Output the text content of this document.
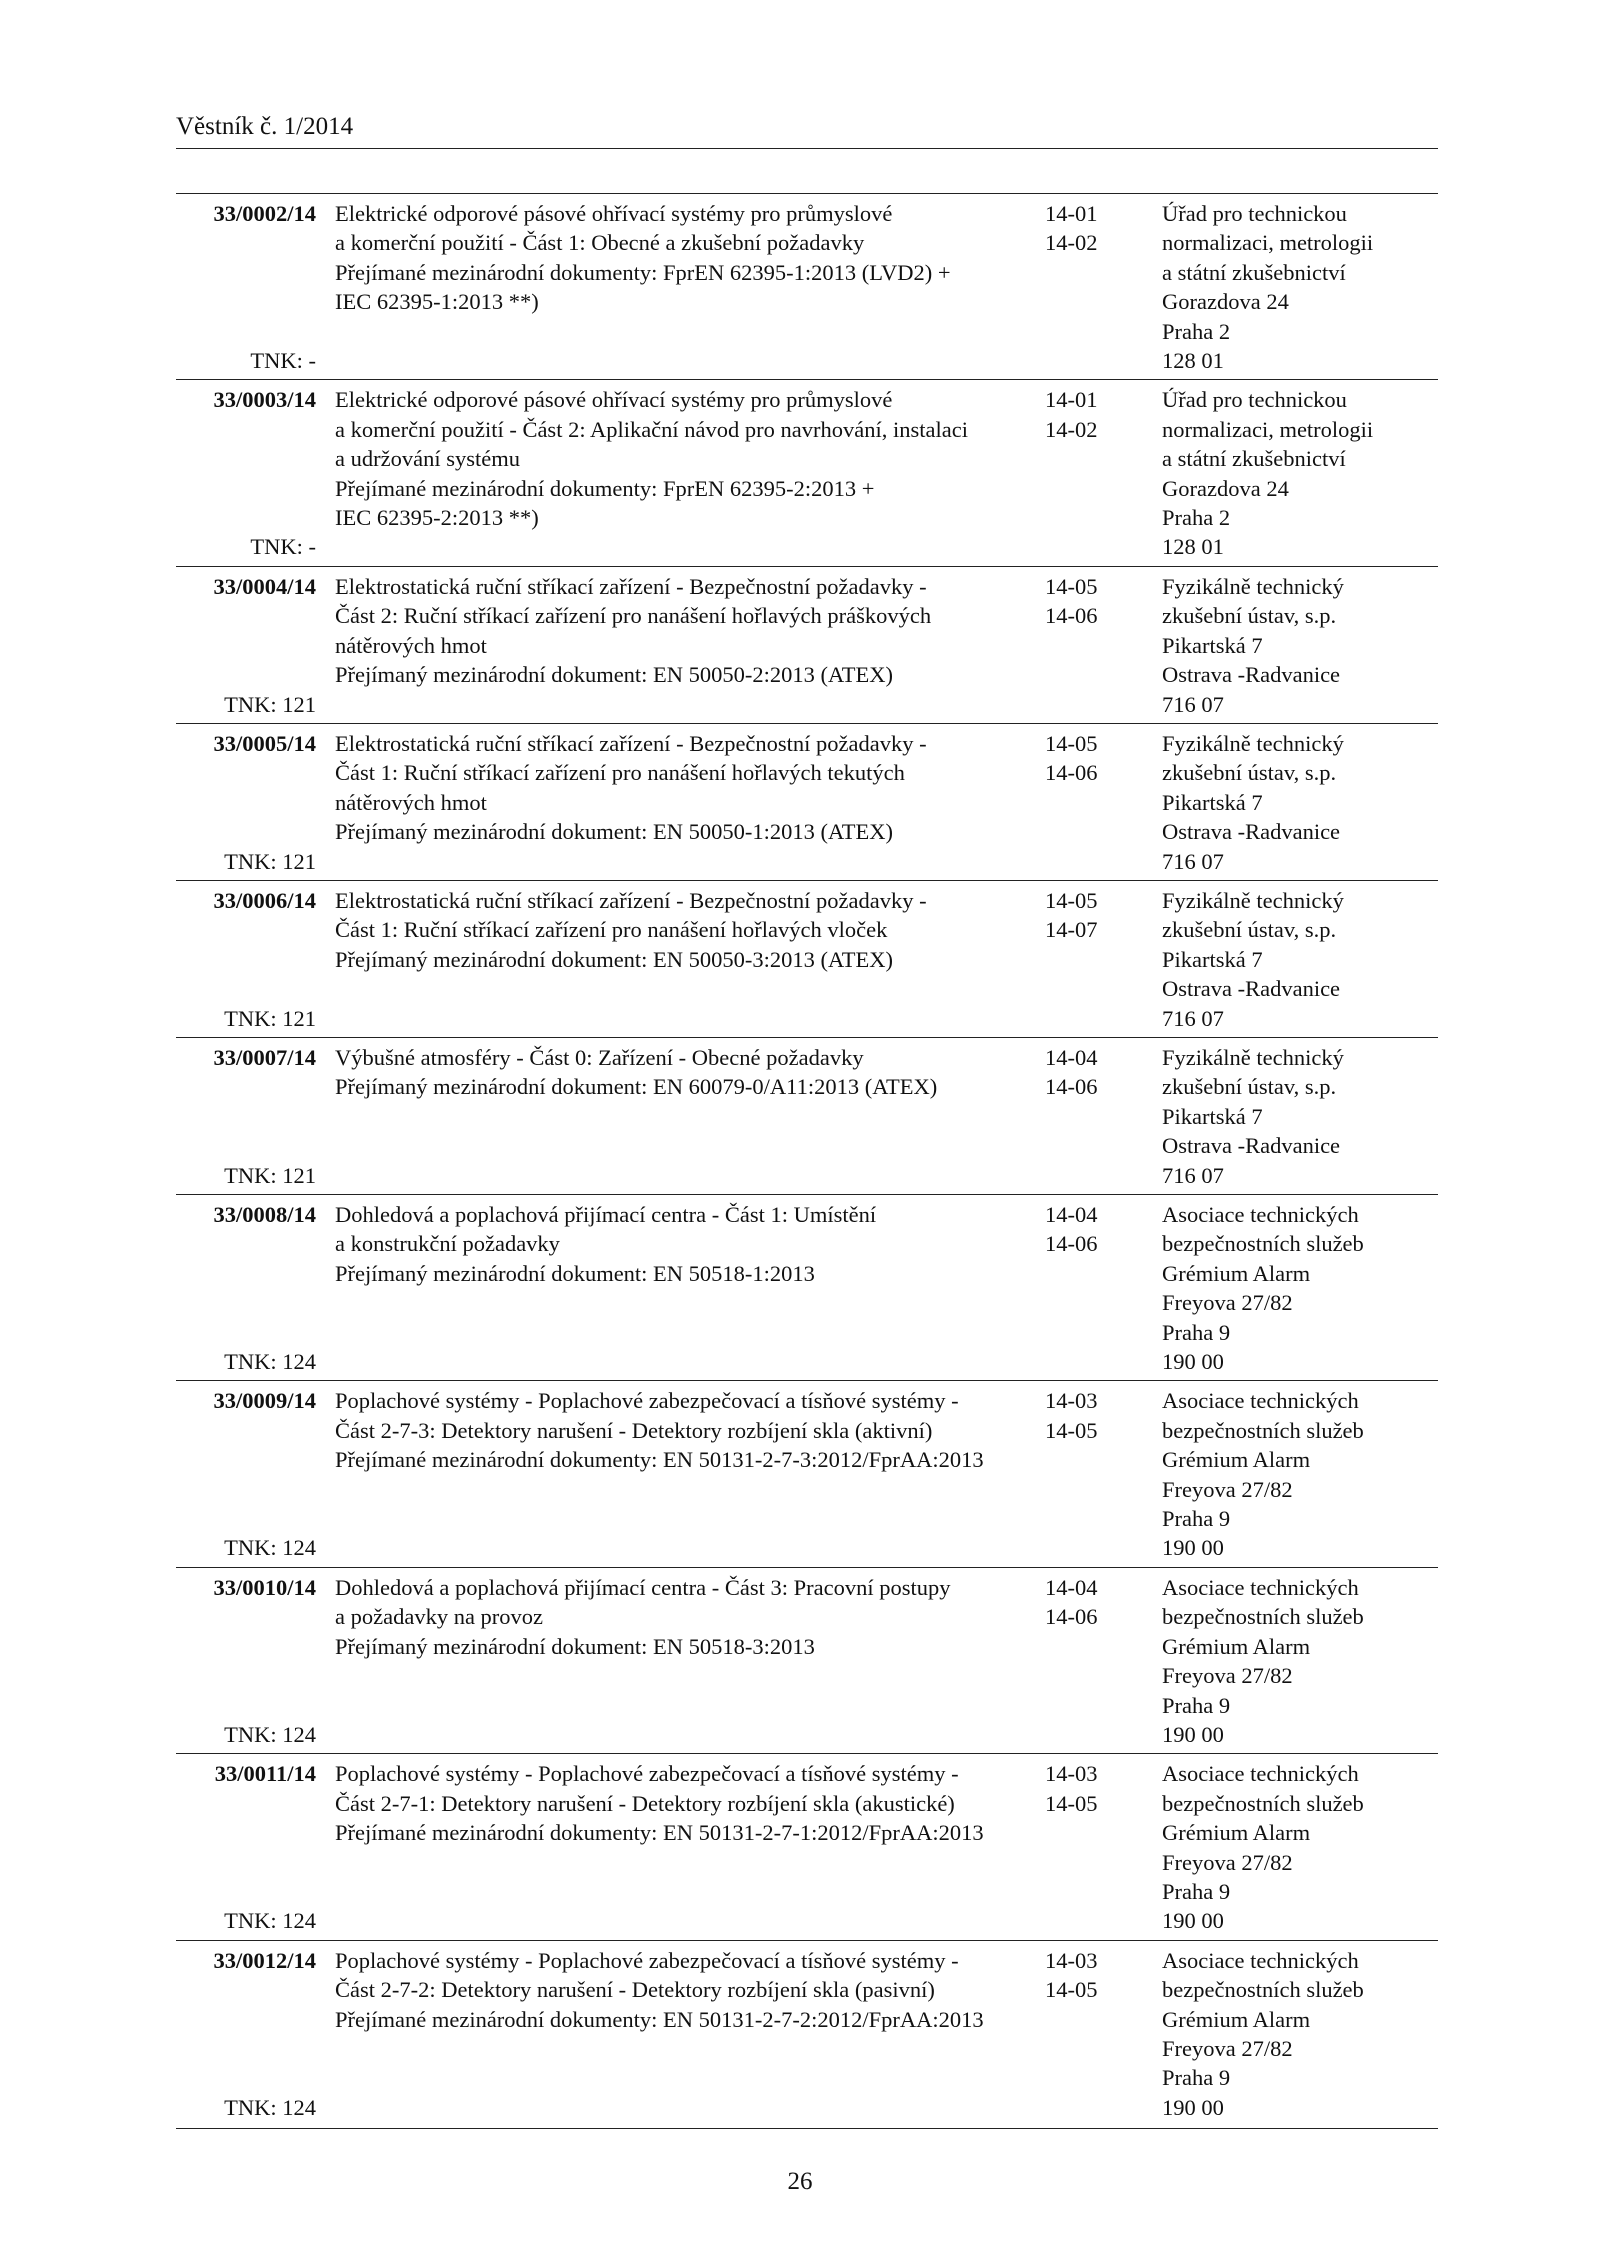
Věstník č. 1/2014
33/0002/14
TNK: -
Elektrické odporové pásové ohřívací systémy pro průmyslové
a komerční použití - Část 1: Obecné a zkušební požadavky
Přejímané mezinárodní dokumenty: FprEN 62395-1:2013 (LVD2) +
IEC 62395-1:2013 **)
14-01
14-02
Úřad pro technickou
normalizaci, metrologii
a státní zkušebnictví
Gorazdova 24
Praha 2
128 01
33/0003/14
TNK: -
Elektrické odporové pásové ohřívací systémy pro průmyslové
a komerční použití - Část 2: Aplikační návod pro navrhování, instalaci
a udržování systému
Přejímané mezinárodní dokumenty: FprEN 62395-2:2013 +
IEC 62395-2:2013 **)
14-01
14-02
Úřad pro technickou
normalizaci, metrologii
a státní zkušebnictví
Gorazdova 24
Praha 2
128 01
33/0004/14
TNK: 121
Elektrostatická ruční stříkací zařízení - Bezpečnostní požadavky -
Část 2: Ruční stříkací zařízení pro nanášení hořlavých práškových
nátěrových hmot
Přejímaný mezinárodní dokument: EN 50050-2:2013 (ATEX)
14-05
14-06
Fyzikálně technický
zkušební ústav, s.p.
Pikartská 7
Ostrava -Radvanice
716 07
33/0005/14
TNK: 121
Elektrostatická ruční stříkací zařízení - Bezpečnostní požadavky -
Část 1: Ruční stříkací zařízení pro nanášení hořlavých tekutých
nátěrových hmot
Přejímaný mezinárodní dokument: EN 50050-1:2013 (ATEX)
14-05
14-06
Fyzikálně technický
zkušební ústav, s.p.
Pikartská 7
Ostrava -Radvanice
716 07
33/0006/14
TNK: 121
Elektrostatická ruční stříkací zařízení - Bezpečnostní požadavky -
Část 1: Ruční stříkací zařízení pro nanášení hořlavých vloček
Přejímaný mezinárodní dokument: EN 50050-3:2013 (ATEX)
14-05
14-07
Fyzikálně technický
zkušební ústav, s.p.
Pikartská 7
Ostrava -Radvanice
716 07
33/0007/14
TNK: 121
Výbušné atmosféry - Část 0: Zařízení - Obecné požadavky
Přejímaný mezinárodní dokument: EN 60079-0/A11:2013 (ATEX)
14-04
14-06
Fyzikálně technický
zkušební ústav, s.p.
Pikartská 7
Ostrava -Radvanice
716 07
33/0008/14
TNK: 124
Dohledová a poplachová přijímací centra - Část 1: Umístění
a konstrukční požadavky
Přejímaný mezinárodní dokument: EN 50518-1:2013
14-04
14-06
Asociace technických
bezpečnostních služeb
Grémium Alarm
Freyova 27/82
Praha 9
190 00
33/0009/14
TNK: 124
Poplachové systémy - Poplachové zabezpečovací a tísňové systémy -
Část 2-7-3: Detektory narušení - Detektory rozbíjení skla (aktivní)
Přejímané mezinárodní dokumenty: EN 50131-2-7-3:2012/FprAA:2013
14-03
14-05
Asociace technických
bezpečnostních služeb
Grémium Alarm
Freyova 27/82
Praha 9
190 00
33/0010/14
TNK: 124
Dohledová a poplachová přijímací centra - Část 3: Pracovní postupy
a požadavky na provoz
Přejímaný mezinárodní dokument: EN 50518-3:2013
14-04
14-06
Asociace technických
bezpečnostních služeb
Grémium Alarm
Freyova 27/82
Praha 9
190 00
33/0011/14
TNK: 124
Poplachové systémy - Poplachové zabezpečovací a tísňové systémy -
Část 2-7-1: Detektory narušení - Detektory rozbíjení skla (akustické)
Přejímané mezinárodní dokumenty: EN 50131-2-7-1:2012/FprAA:2013
14-03
14-05
Asociace technických
bezpečnostních služeb
Grémium Alarm
Freyova 27/82
Praha 9
190 00
33/0012/14
TNK: 124
Poplachové systémy - Poplachové zabezpečovací a tísňové systémy -
Část 2-7-2: Detektory narušení - Detektory rozbíjení skla (pasivní)
Přejímané mezinárodní dokumenty: EN 50131-2-7-2:2012/FprAA:2013
14-03
14-05
Asociace technických
bezpečnostních služeb
Grémium Alarm
Freyova 27/82
Praha 9
190 00
26
